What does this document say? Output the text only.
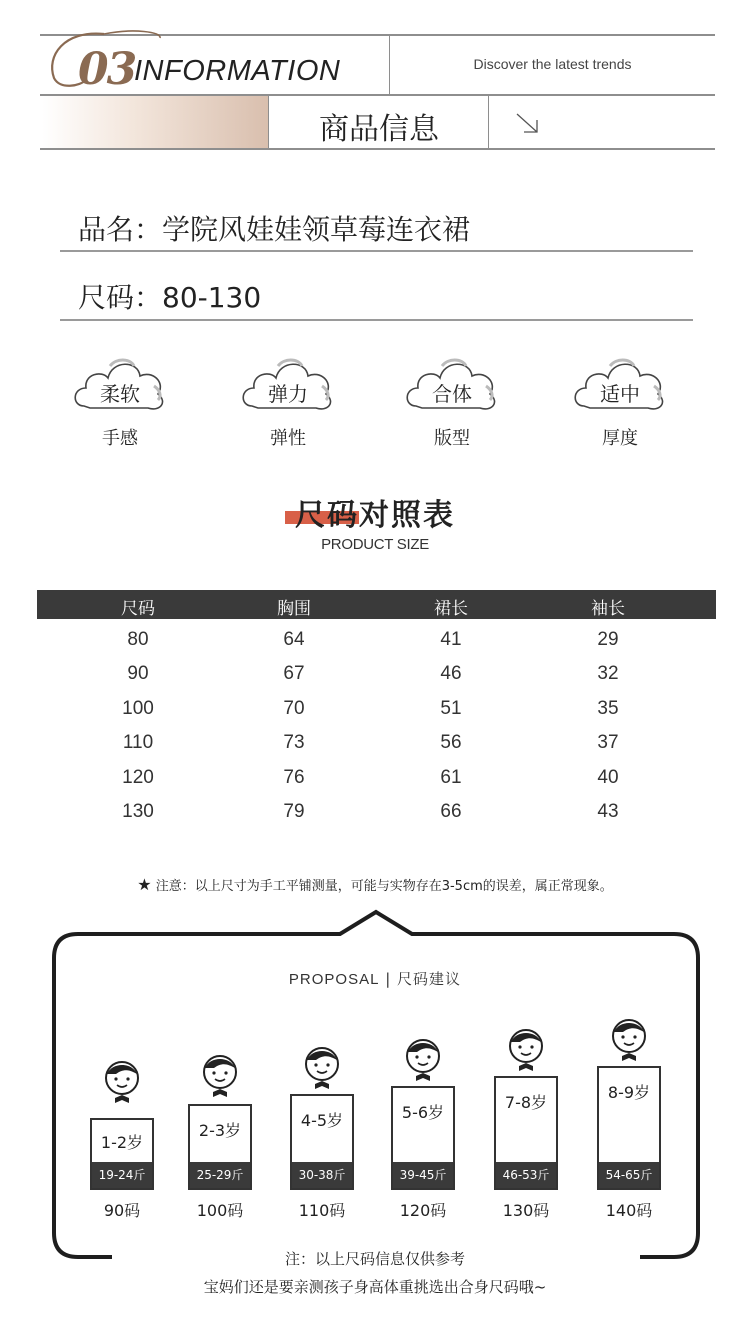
03
INFORMATION	Discover the latest trends
商品信息
品名：学院风娃娃领草莓连衣裙
尺码：80-130
柔软
手感
弹力
弹性
合体
版型
适中
厚度
尺码对照表
PRODUCT SIZE
尺码	胸围	裙长	袖长
80	64	41	29
90	67	46	32
100	70	51	35
110	73	56	37
120	76	61	40
130	79	66	43
★ 注意：以上尺寸为手工平铺测量，可能与实物存在3-5cm的误差，属正常现象。
PROPOSAL | 尺码建议
1-2岁
19-24斤
90码
2-3岁
25-29斤
100码
4-5岁
30-38斤
110码
5-6岁
39-45斤
120码
7-8岁
46-53斤
130码
8-9岁
54-65斤
140码
注：以上尺码信息仅供参考
宝妈们还是要亲测孩子身高体重挑选出合身尺码哦~
